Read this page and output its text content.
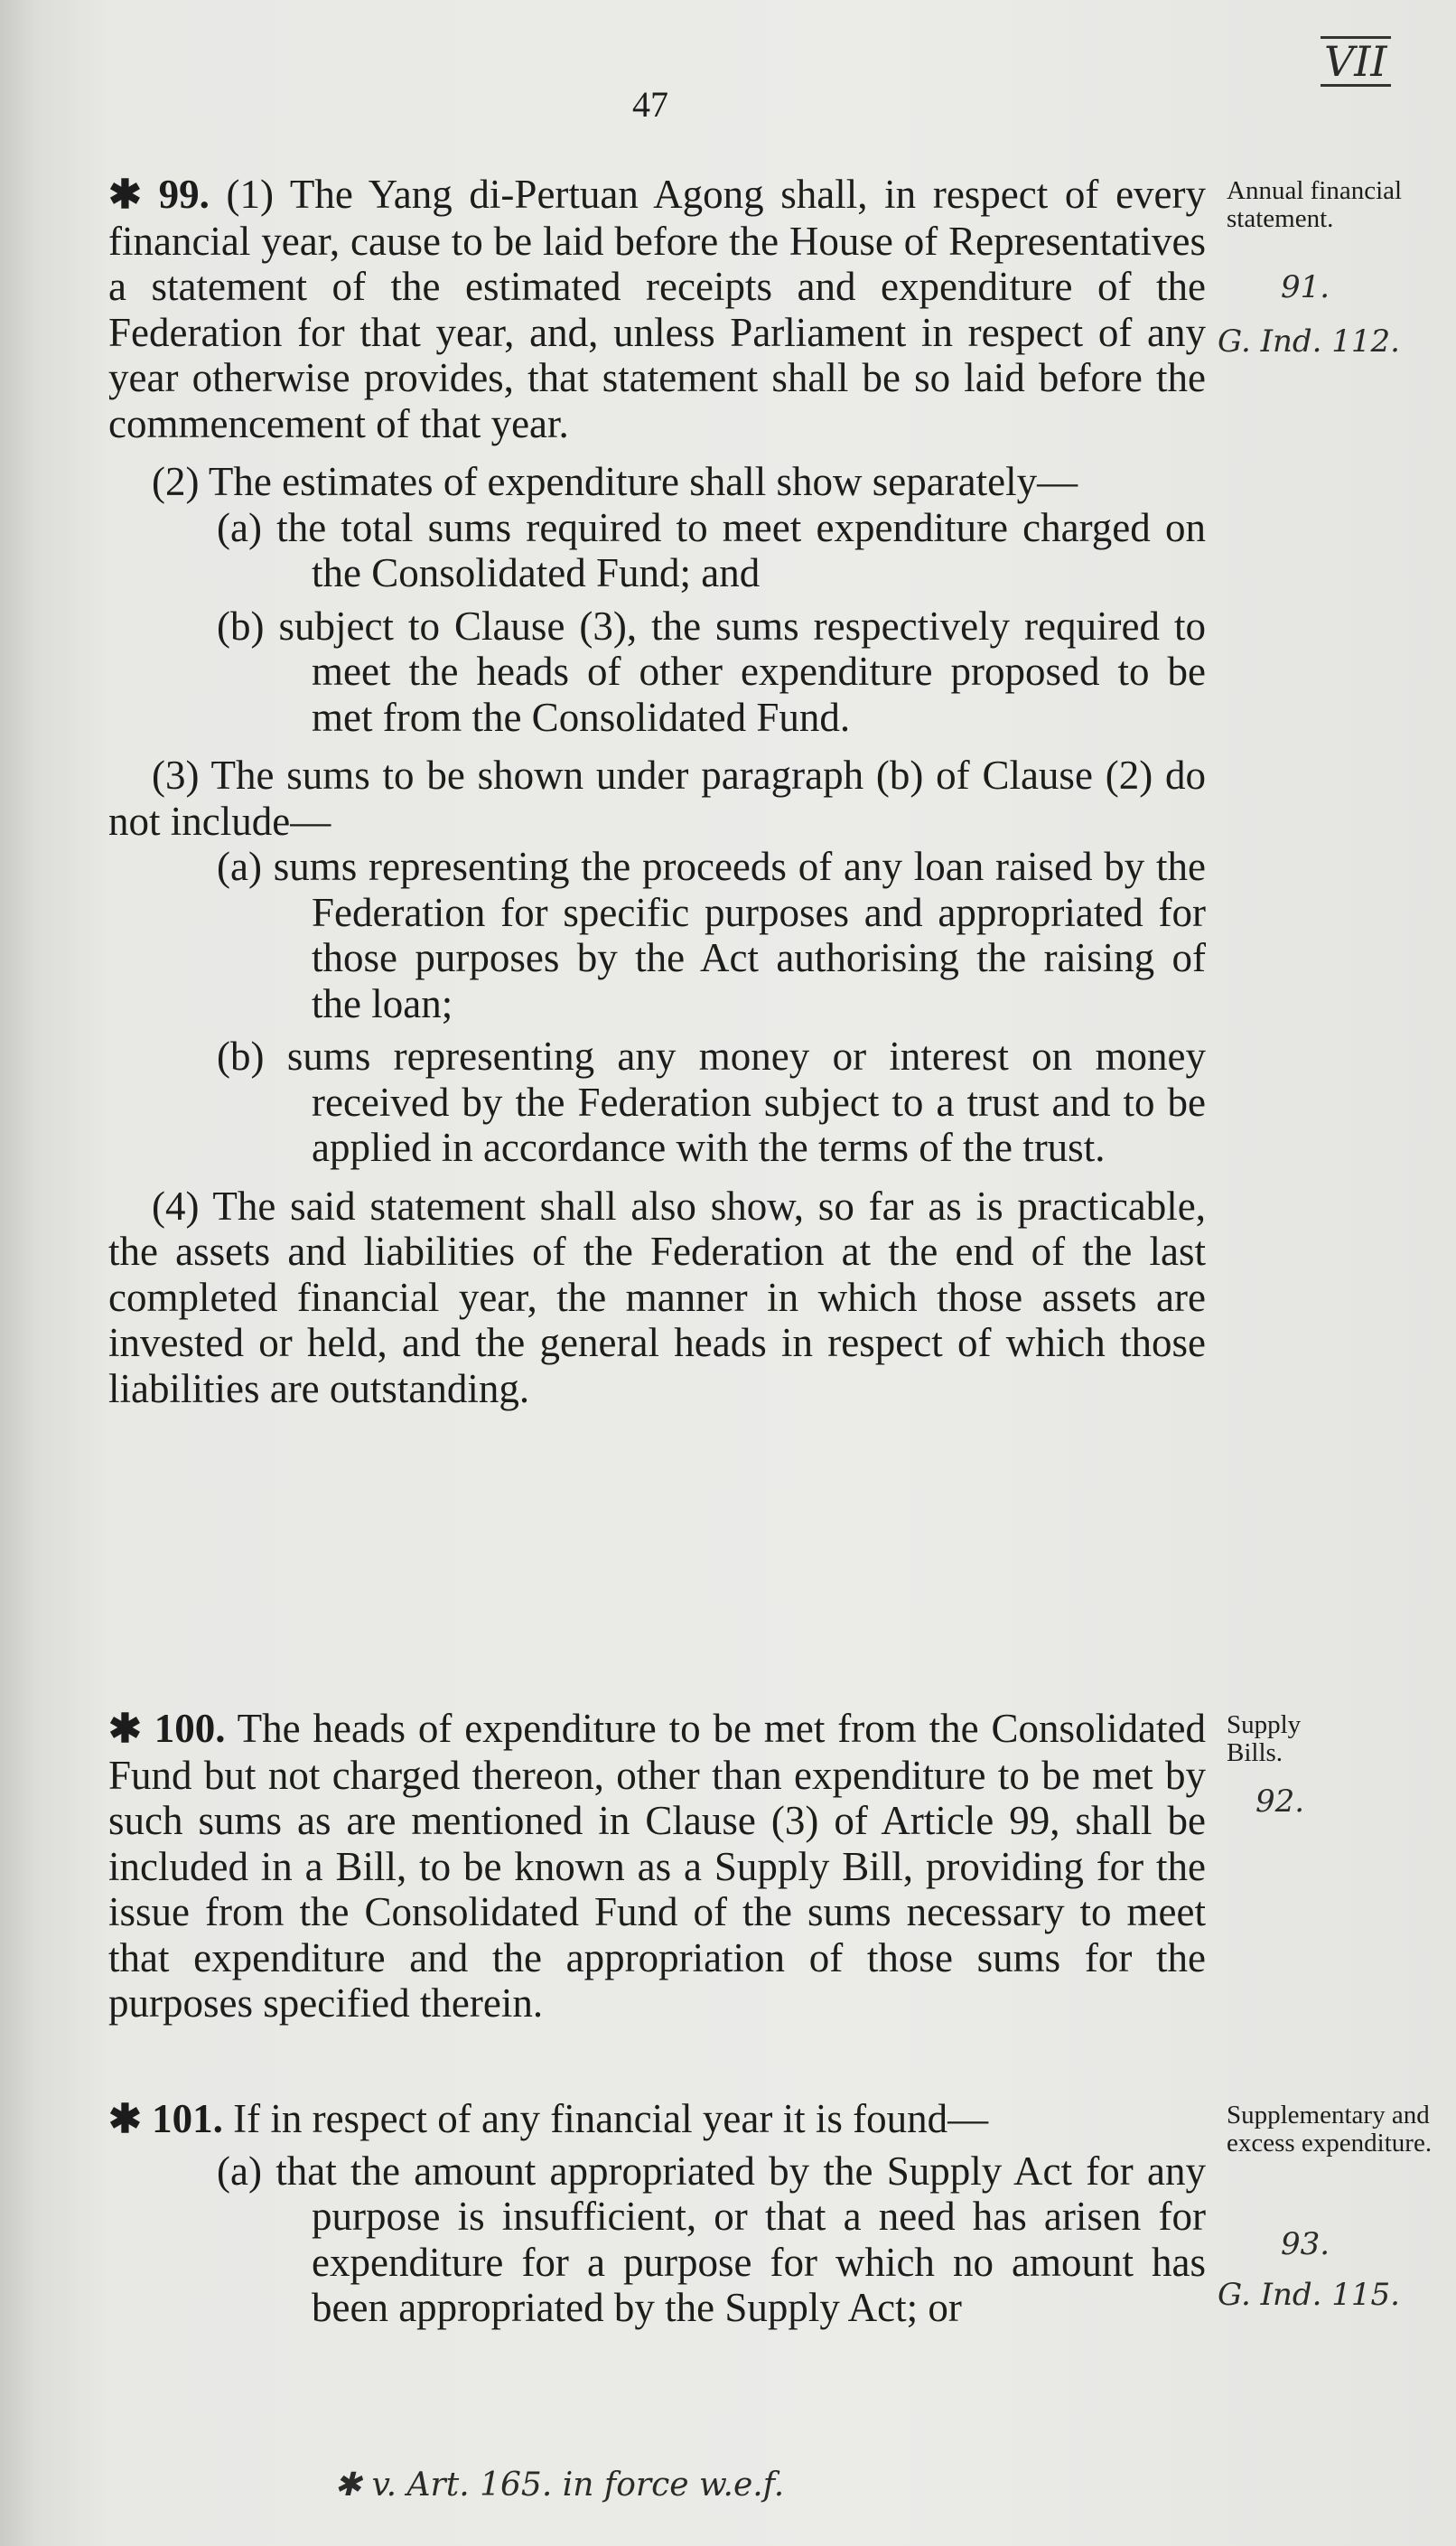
VII
47

✱ 99. (1) The Yang di-Pertuan Agong shall, in respect of every financial year, cause to be laid before the House of Representatives a statement of the estimated receipts and expenditure of the Federation for that year, and, unless Parliament in respect of any year otherwise provides, that statement shall be so laid before the commencement of that year.

(2) The estimates of expenditure shall show separately—

(a) the total sums required to meet expenditure charged on the Consolidated Fund; and

(b) subject to Clause (3), the sums respectively required to meet the heads of other expenditure proposed to be met from the Consolidated Fund.

(3) The sums to be shown under paragraph (b) of Clause (2) do not include—

(a) sums representing the proceeds of any loan raised by the Federation for specific purposes and appropriated for those purposes by the Act authorising the raising of the loan;

(b) sums representing any money or interest on money received by the Federation subject to a trust and to be applied in accordance with the terms of the trust.

(4) The said statement shall also show, so far as is practicable, the assets and liabilities of the Federation at the end of the last completed financial year, the manner in which those assets are invested or held, and the general heads in respect of which those liabilities are outstanding.

Annual financial statement.
91.
G. Ind. 112.

✱ 100. The heads of expenditure to be met from the Consolidated Fund but not charged thereon, other than expenditure to be met by such sums as are mentioned in Clause (3) of Article 99, shall be included in a Bill, to be known as a Supply Bill, providing for the issue from the Consolidated Fund of the sums necessary to meet that expenditure and the appropriation of those sums for the purposes specified therein.

Supply Bills.
92.

✱ 101. If in respect of any financial year it is found—

(a) that the amount appropriated by the Supply Act for any purpose is insufficient, or that a need has arisen for expenditure for a purpose for which no amount has been appropriated by the Supply Act; or

Supplementary and excess expenditure.
93.
G. Ind. 115.
✱ v. Art. 165. in force w.e.f.
